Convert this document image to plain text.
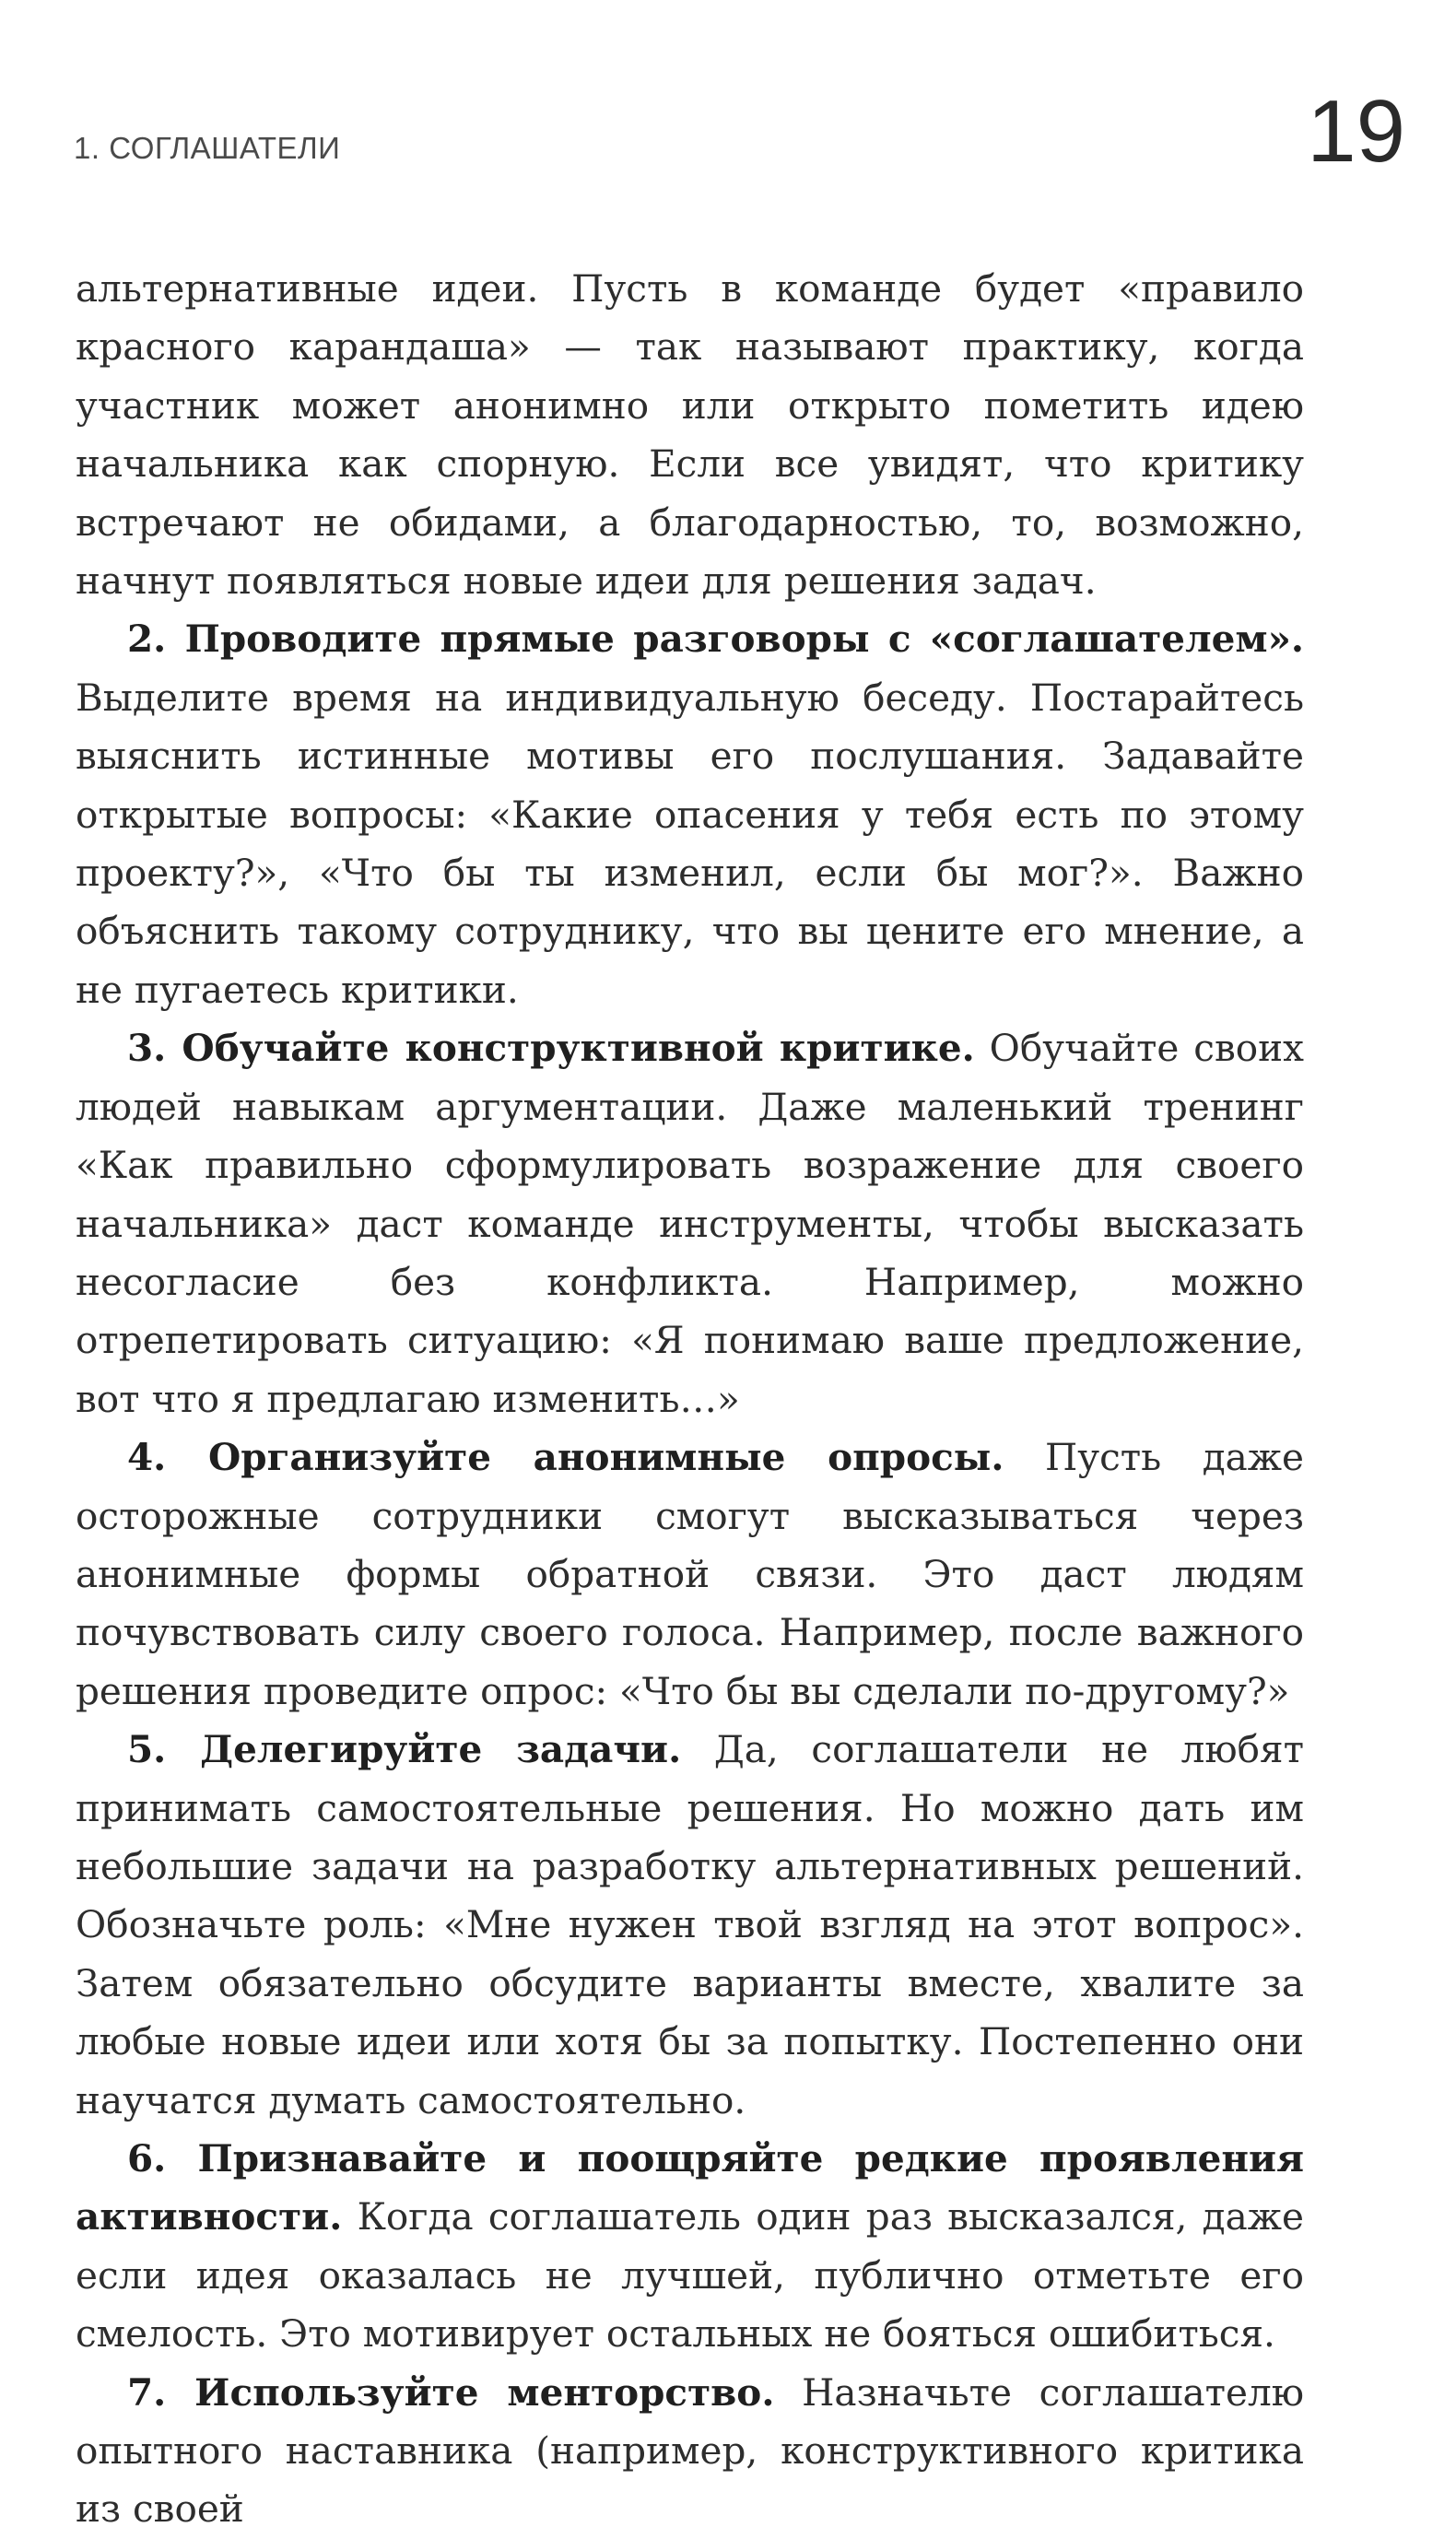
1. СОГЛАШАТЕЛИ	19

альтернативные идеи. Пусть в команде будет «правило красного карандаша» — так называют практику, когда участник может анонимно или открыто пометить идею начальника как спорную. Если все увидят, что критику встречают не обидами, а благодарностью, то, возможно, начнут появляться новые идеи для решения задач.

2. Проводите прямые разговоры с «соглашателем». Выделите время на индивидуальную беседу. Постарайтесь выяснить истинные мотивы его послушания. Задавайте открытые вопросы: «Какие опасения у тебя есть по этому проекту?», «Что бы ты изменил, если бы мог?». Важно объяснить такому сотруднику, что вы цените его мнение, а не пугаетесь критики.

3. Обучайте конструктивной критике. Обучайте своих людей навыкам аргументации. Даже маленький тренинг «Как правильно сформулировать возражение для своего начальника» даст команде инструменты, чтобы высказать несогласие без конфликта. Например, можно отрепетировать ситуацию: «Я понимаю ваше предложение, вот что я предлагаю изменить…»

4. Организуйте анонимные опросы. Пусть даже осторожные сотрудники смогут высказываться через анонимные формы обратной связи. Это даст людям почувствовать силу своего голоса. Например, после важного решения проведите опрос: «Что бы вы сделали по-другому?»

5. Делегируйте задачи. Да, соглашатели не любят принимать самостоятельные решения. Но можно дать им небольшие задачи на разработку альтернативных решений. Обозначьте роль: «Мне нужен твой взгляд на этот вопрос». Затем обязательно обсудите варианты вместе, хвалите за любые новые идеи или хотя бы за попытку. Постепенно они научатся думать самостоятельно.

6. Признавайте и поощряйте редкие проявления активности. Когда соглашатель один раз высказался, даже если идея оказалась не лучшей, публично отметьте его смелость. Это мотивирует остальных не бояться ошибиться.

7. Используйте менторство. Назначьте соглашателю опытного наставника (например, конструктивного критика из своей
